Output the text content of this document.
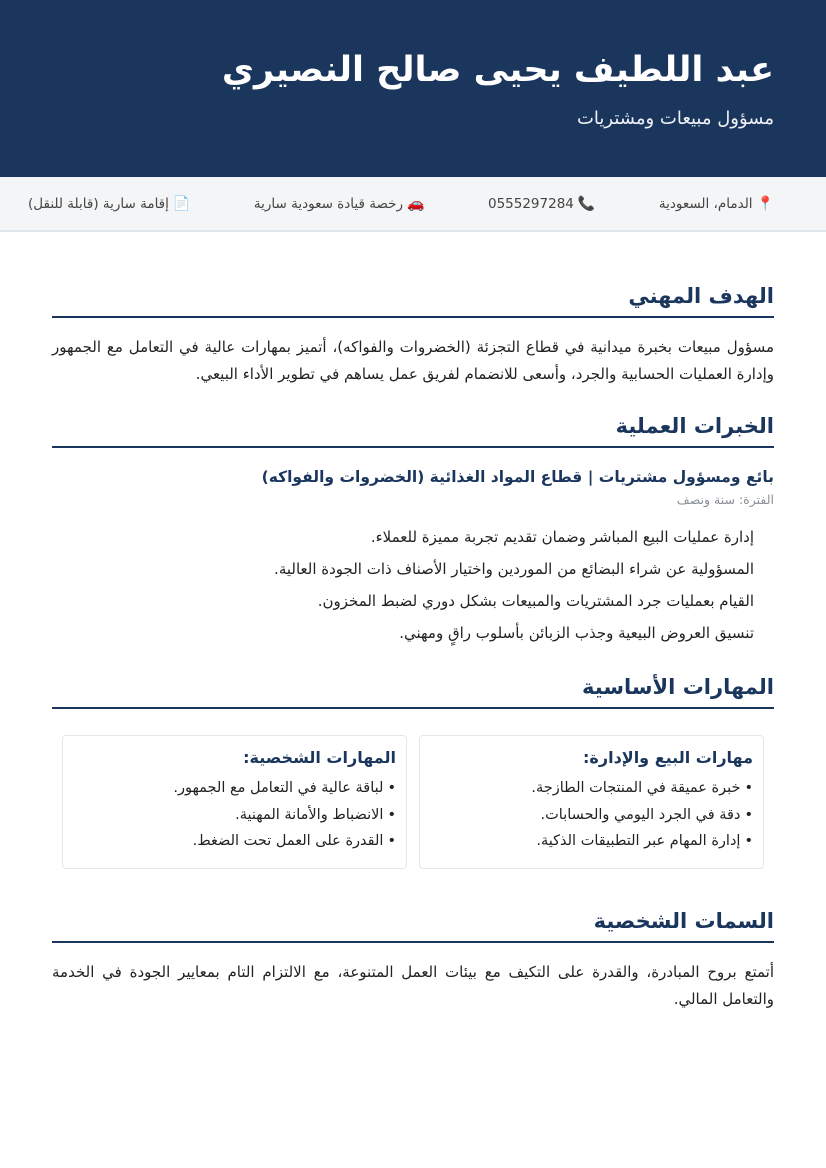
عبد اللطيف يحيى صالح النصيري
مسؤول مبيعات ومشتريات
📍
الدمام، السعودية
📞
0555297284
🚗
رخصة قيادة سعودية سارية
📄
إقامة سارية (قابلة للنقل)
الهدف المهني

مسؤول مبيعات بخبرة ميدانية في قطاع التجزئة (الخضروات والفواكه)، أتميز بمهارات عالية في التعامل مع الجمهور وإدارة العمليات الحسابية والجرد، وأسعى للانضمام لفريق عمل يساهم في تطوير الأداء البيعي.

الخبرات العملية
بائع ومسؤول مشتريات | قطاع المواد الغذائية (الخضروات والفواكه)
الفترة: سنة ونصف
إدارة عمليات البيع المباشر وضمان تقديم تجربة مميزة للعملاء.
المسؤولية عن شراء البضائع من الموردين واختيار الأصناف ذات الجودة العالية.
القيام بعمليات جرد المشتريات والمبيعات بشكل دوري لضبط المخزون.
تنسيق العروض البيعية وجذب الزبائن بأسلوب راقٍ ومهني.
المهارات الأساسية
مهارات البيع والإدارة:
•خبرة عميقة في المنتجات الطازجة.
•دقة في الجرد اليومي والحسابات.
•إدارة المهام عبر التطبيقات الذكية.
المهارات الشخصية:
•لباقة عالية في التعامل مع الجمهور.
•الانضباط والأمانة المهنية.
•القدرة على العمل تحت الضغط.
السمات الشخصية

أتمتع بروح المبادرة، والقدرة على التكيف مع بيئات العمل المتنوعة، مع الالتزام التام بمعايير الجودة في الخدمة والتعامل المالي.
